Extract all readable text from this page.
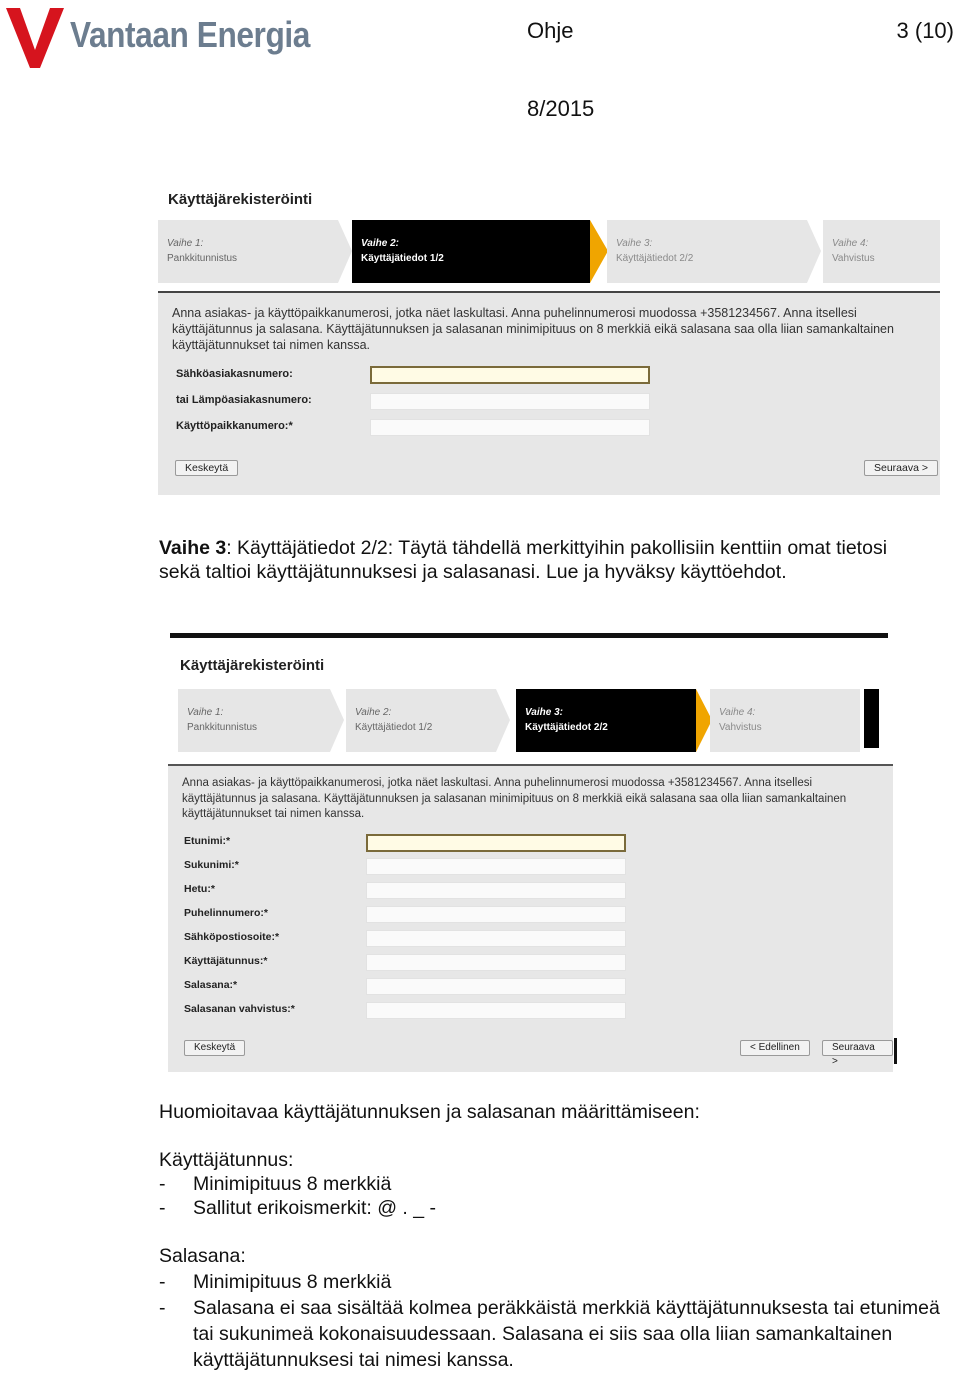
Vantaan Energia	Ohje	3 (10)
8/2015
Käyttäjärekisteröinti
Vaihe 1:
Pankkitunnistus
Vaihe 2:
Käyttäjätiedot 1/2
Vaihe 3:
Käyttäjätiedot 2/2
Vaihe 4:
Vahvistus
Anna asiakas- ja käyttöpaikkanumerosi, jotka näet laskultasi. Anna puhelinnumerosi muodossa +3581234567. Anna itsellesi käyttäjätunnus ja salasana. Käyttäjätunnuksen ja salasanan minimipituus on 8 merkkiä eikä salasana saa olla liian samankaltainen käyttäjätunnukset tai nimen kanssa.
Sähköasiakasnumero:
tai Lämpöasiakasnumero:
Käyttöpaikkanumero:*
Keskeytä	Seuraava >
Vaihe 3: Käyttäjätiedot 2/2: Täytä tähdellä merkittyihin pakollisiin kenttiin omat tietosi
sekä taltioi käyttäjätunnuksesi ja salasanasi. Lue ja hyväksy käyttöehdot.
Käyttäjärekisteröinti
Vaihe 1:
Pankkitunnistus
Vaihe 2:
Käyttäjätiedot 1/2
Vaihe 3:
Käyttäjätiedot 2/2
Vaihe 4:
Vahvistus
Anna asiakas- ja käyttöpaikkanumerosi, jotka näet laskultasi. Anna puhelinnumerosi muodossa +3581234567. Anna itsellesi käyttäjätunnus ja salasana. Käyttäjätunnuksen ja salasanan minimipituus on 8 merkkiä eikä salasana saa olla liian samankaltainen käyttäjätunnukset tai nimen kanssa.
Etunimi:*
Sukunimi:*
Hetu:*
Puhelinnumero:*
Sähköpostiosoite:*
Käyttäjätunnus:*
Salasana:*
Salasanan vahvistus:*
Keskeytä	< Edellinen	Seuraava >
Huomioitavaa käyttäjätunnuksen ja salasanan määrittämiseen:
Käyttäjätunnus:
- Minimipituus 8 merkkiä
- Sallitut erikoismerkit: @ . _ -
Salasana:
- Minimipituus 8 merkkiä
- Salasana ei saa sisältää kolmea peräkkäistä merkkiä käyttäjätunnuksesta tai etunimeä tai sukunimeä kokonaisuudessaan. Salasana ei siis saa olla liian samankaltainen käyttäjätunnuksesi tai nimesi kanssa.
